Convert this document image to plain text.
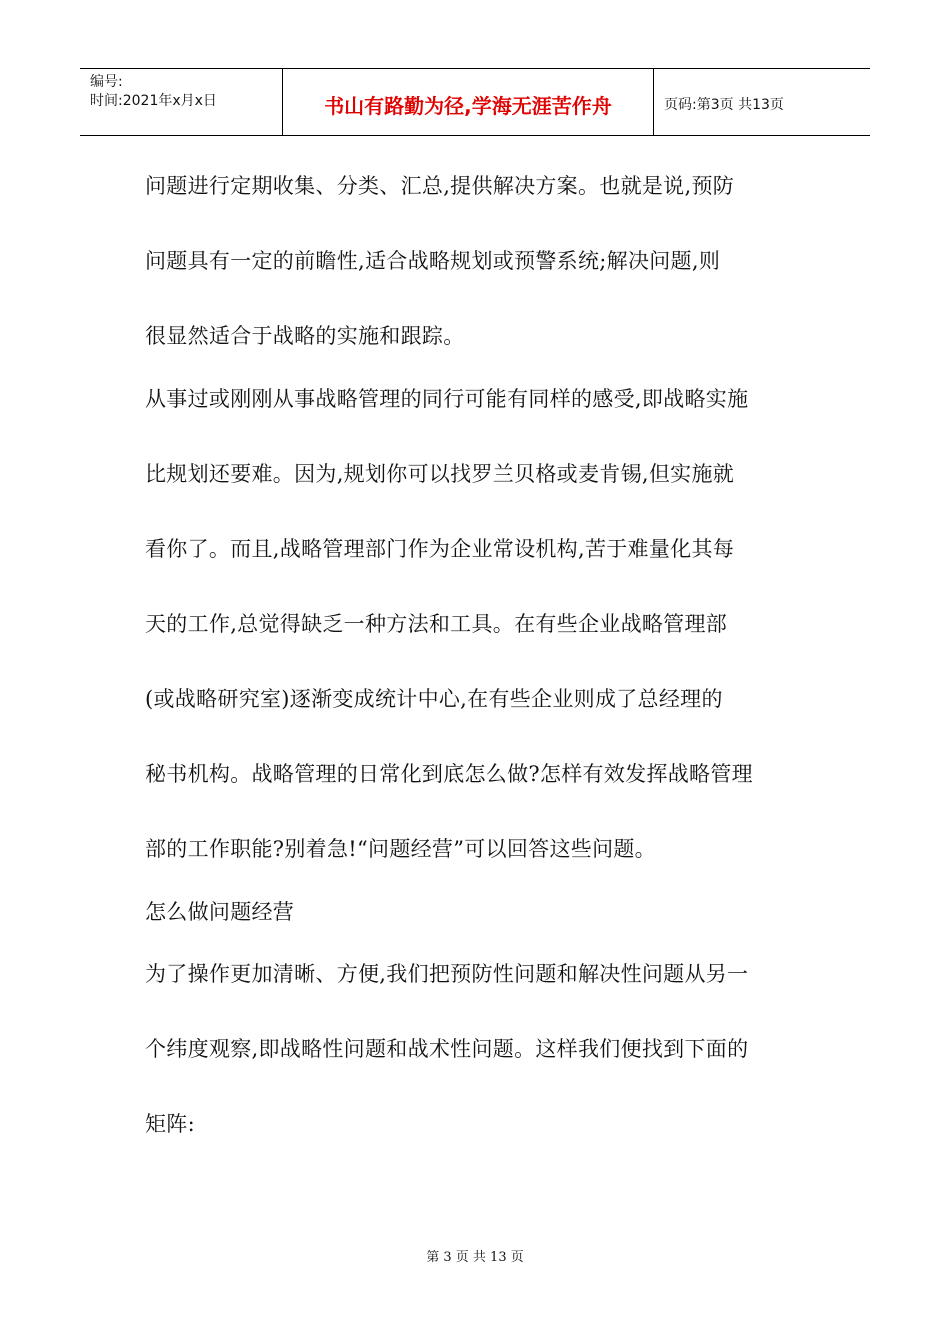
编号:
时间:2021年x月x日	书山有路勤为径,学海无涯苦作舟	页码:第3页 共13页
问题进行定期收集、分类、汇总,提供解决方案。也就是说,预防
问题具有一定的前瞻性,适合战略规划或预警系统;解决问题,则
很显然适合于战略的实施和跟踪。
从事过或刚刚从事战略管理的同行可能有同样的感受,即战略实施
比规划还要难。因为,规划你可以找罗兰贝格或麦肯锡,但实施就
看你了。而且,战略管理部门作为企业常设机构,苦于难量化其每
天的工作,总觉得缺乏一种方法和工具。在有些企业战略管理部
(或战略研究室)逐渐变成统计中心,在有些企业则成了总经理的
秘书机构。战略管理的日常化到底怎么做?怎样有效发挥战略管理
部的工作职能?别着急!“问题经营”可以回答这些问题。
怎么做问题经营
为了操作更加清晰、方便,我们把预防性问题和解决性问题从另一
个纬度观察,即战略性问题和战术性问题。这样我们便找到下面的
矩阵:
第 3 页 共 13 页
